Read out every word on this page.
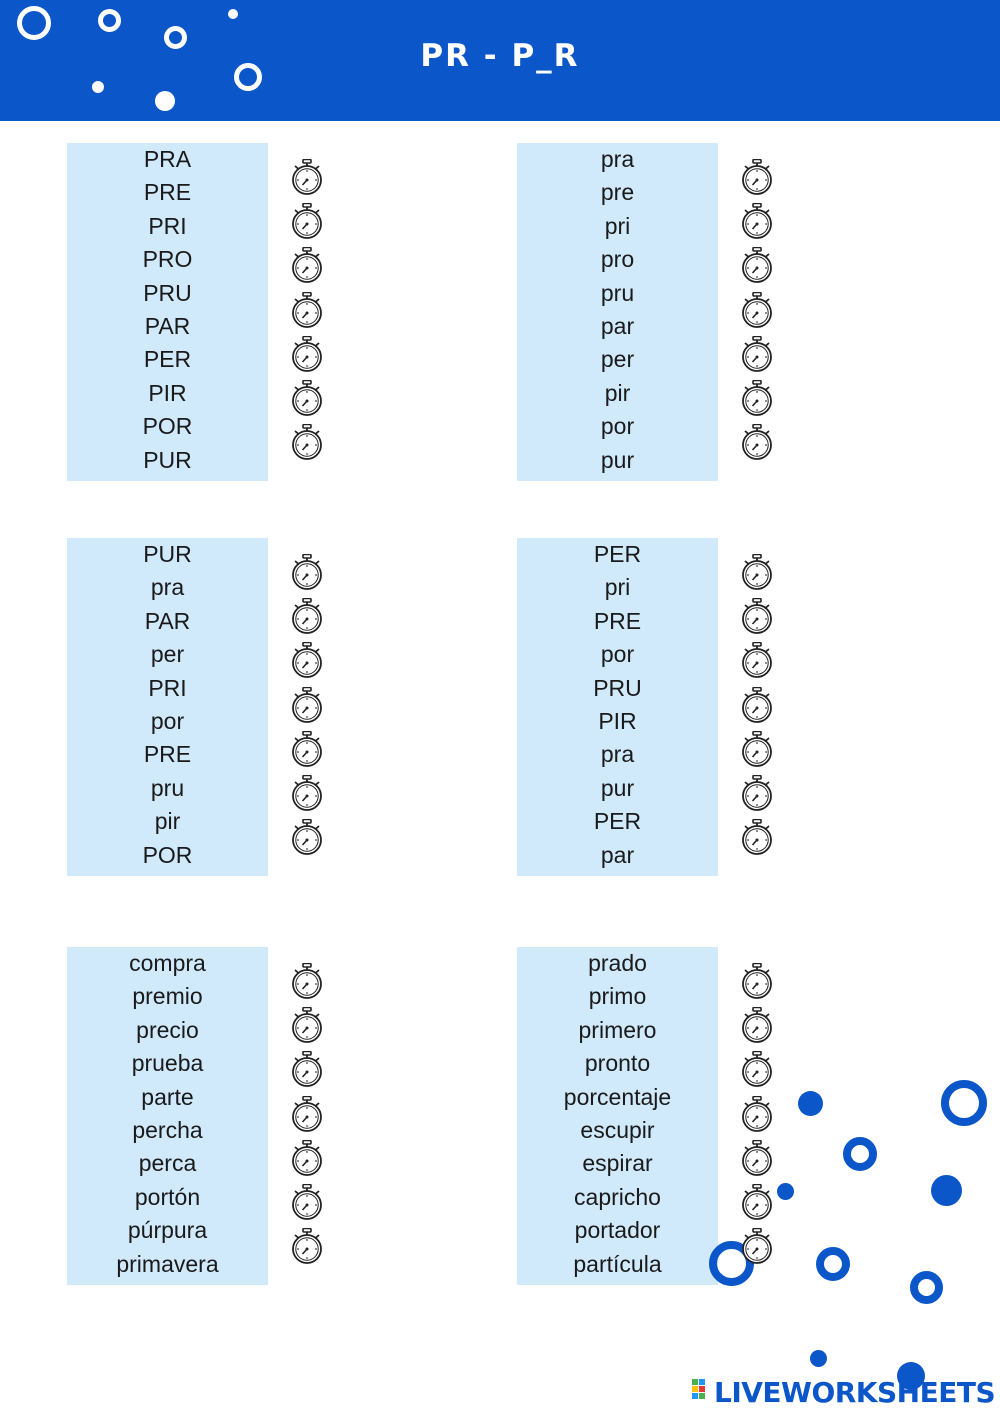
PR - P_R
PRA
PRE
PRI
PRO
PRU
PAR
PER
PIR
POR
PUR
pra
pre
pri
pro
pru
par
per
pir
por
pur
PUR
pra
PAR
per
PRI
por
PRE
pru
pir
POR
PER
pri
PRE
por
PRU
PIR
pra
pur
PER
par
compra
premio
precio
prueba
parte
percha
perca
portón
púrpura
primavera
prado
primo
primero
pronto
porcentaje
escupir
espirar
capricho
portador
partícula
LIVEWORKSHEETS
